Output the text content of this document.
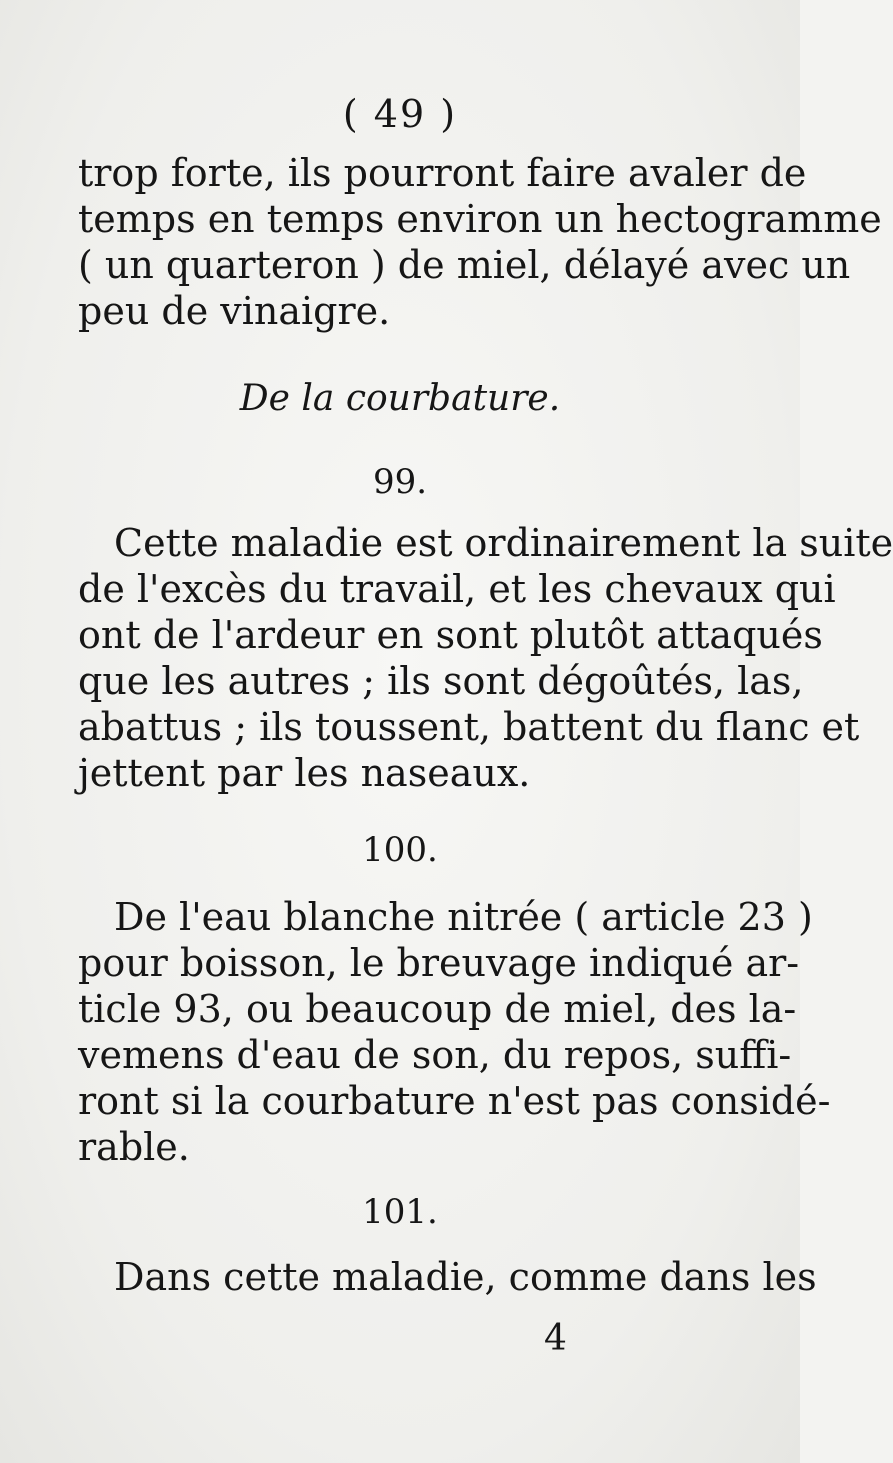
( 49 )
trop forte, ils pourront faire avaler de
temps en temps environ un hectogramme
( un quarteron ) de miel, délayé avec un
peu de vinaigre.
De la courbature.
99.
Cette maladie est ordinairement la suite
de l'excès du travail, et les chevaux qui
ont de l'ardeur en sont plutôt attaqués
que les autres ; ils sont dégoûtés, las,
abattus ; ils toussent, battent du flanc et
jettent par les naseaux.
100.
De l'eau blanche nitrée ( article 23 )
pour boisson, le breuvage indiqué ar-
ticle 93, ou beaucoup de miel, des la-
vemens d'eau de son, du repos, suffi-
ront si la courbature n'est pas considé-
rable.
101.
Dans cette maladie, comme dans les
4
